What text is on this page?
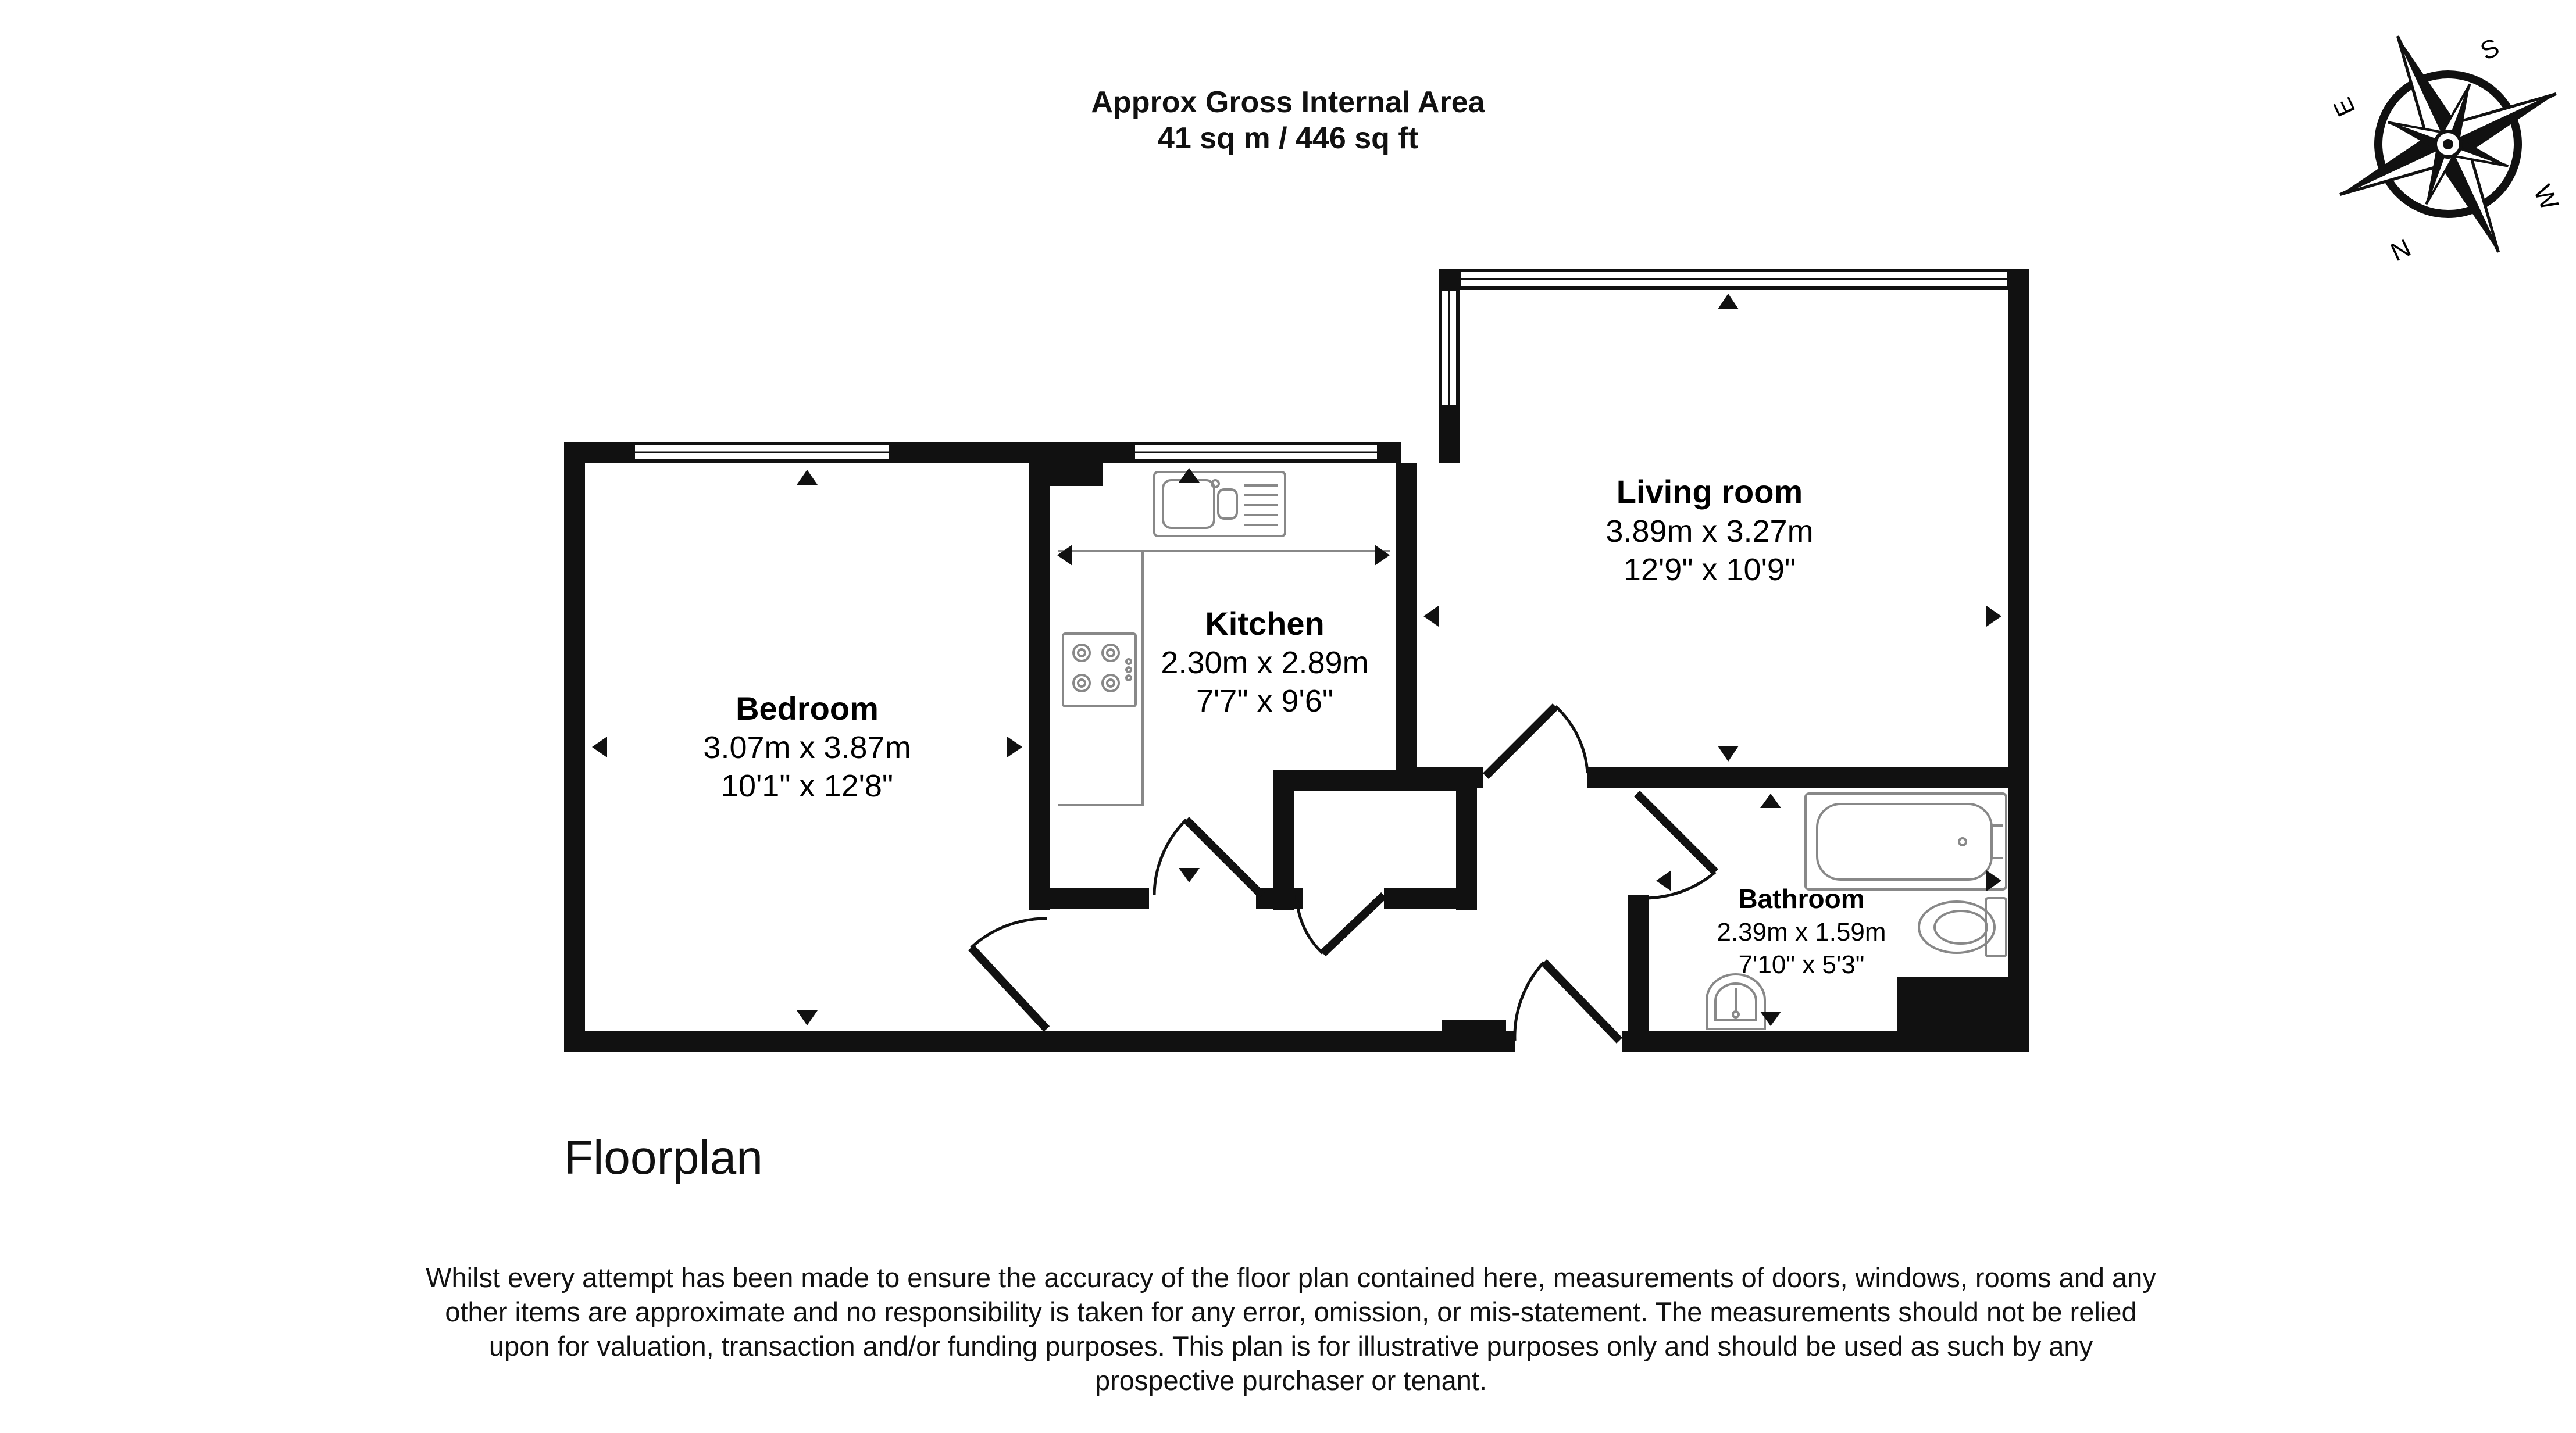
Approx Gross Internal Area
41 sq m / 446 sq ft
S
E
W
N
Bedroom
3.07m x 3.87m
10'1" x 12'8"
Kitchen
2.30m x 2.89m
7'7" x 9'6"
Living room
3.89m x 3.27m
12'9" x 10'9"
Bathroom
2.39m x 1.59m
7'10" x 5'3"
Floorplan
Whilst every attempt has been made to ensure the accuracy of the floor plan contained here, measurements of doors, windows, rooms and any other items are approximate and no responsibility is taken for any error, omission, or mis-statement. The measurements should not be relied upon for valuation, transaction and/or funding purposes. This plan is for illustrative purposes only and should be used as such by any prospective purchaser or tenant.
